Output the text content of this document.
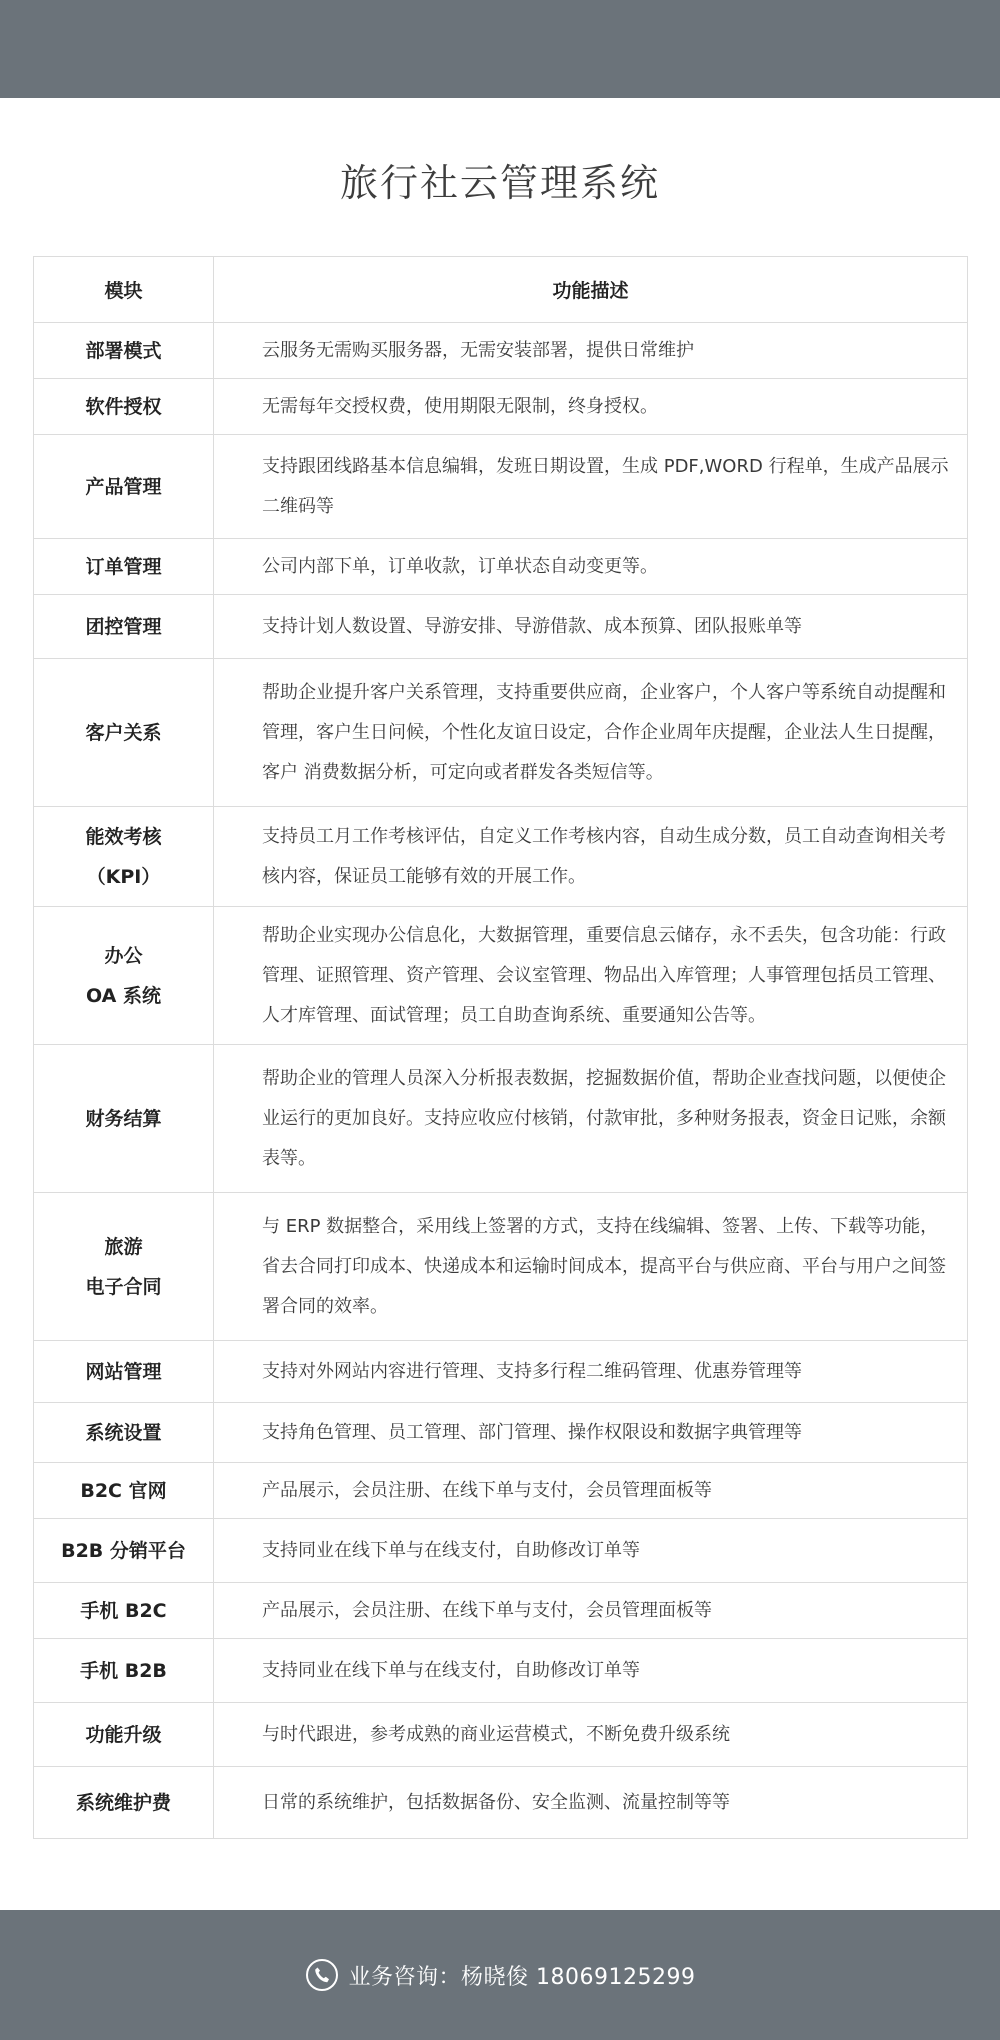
旅行社云管理系统
模块	功能描述

部署模式	云服务无需购买服务器，无需安装部署，提供日常维护

软件授权	无需每年交授权费，使用期限无限制，终身授权。

产品管理	支持跟团线路基本信息编辑，发班日期设置，生成 PDF,WORD 行程单，生成产品展示二维码等

订单管理	公司内部下单，订单收款，订单状态自动变更等。

团控管理	支持计划人数设置、导游安排、导游借款、成本预算、团队报账单等

客户关系	帮助企业提升客户关系管理，支持重要供应商，企业客户，个人客户等系统自动提醒和管理，客户生日问候，个性化友谊日设定，合作企业周年庆提醒，企业法人生日提醒，客户 消费数据分析，可定向或者群发各类短信等。

能效考核
（KPI）	支持员工月工作考核评估，自定义工作考核内容，自动生成分数，员工自动查询相关考核内容，保证员工能够有效的开展工作。

办公
OA 系统	帮助企业实现办公信息化，大数据管理，重要信息云储存，永不丢失，包含功能：行政管理、证照管理、资产管理、会议室管理、物品出入库管理；人事管理包括员工管理、人才库管理、面试管理；员工自助查询系统、重要通知公告等。

财务结算	帮助企业的管理人员深入分析报表数据，挖掘数据价值，帮助企业查找问题，以便使企业运行的更加良好。支持应收应付核销，付款审批，多种财务报表，资金日记账，余额表等。

旅游
电子合同	与 ERP 数据整合，采用线上签署的方式，支持在线编辑、签署、上传、下载等功能，省去合同打印成本、快递成本和运输时间成本，提高平台与供应商、平台与用户之间签署合同的效率。

网站管理	支持对外网站内容进行管理、支持多行程二维码管理、优惠券管理等

系统设置	支持角色管理、员工管理、部门管理、操作权限设和数据字典管理等

B2C 官网	产品展示，会员注册、在线下单与支付，会员管理面板等

B2B 分销平台	支持同业在线下单与在线支付，自助修改订单等

手机 B2C	产品展示，会员注册、在线下单与支付，会员管理面板等

手机 B2B	支持同业在线下单与在线支付，自助修改订单等

功能升级	与时代跟进，参考成熟的商业运营模式，不断免费升级系统

系统维护费	日常的系统维护，包括数据备份、安全监测、流量控制等等
业务咨询：杨晓俊 18069125299
